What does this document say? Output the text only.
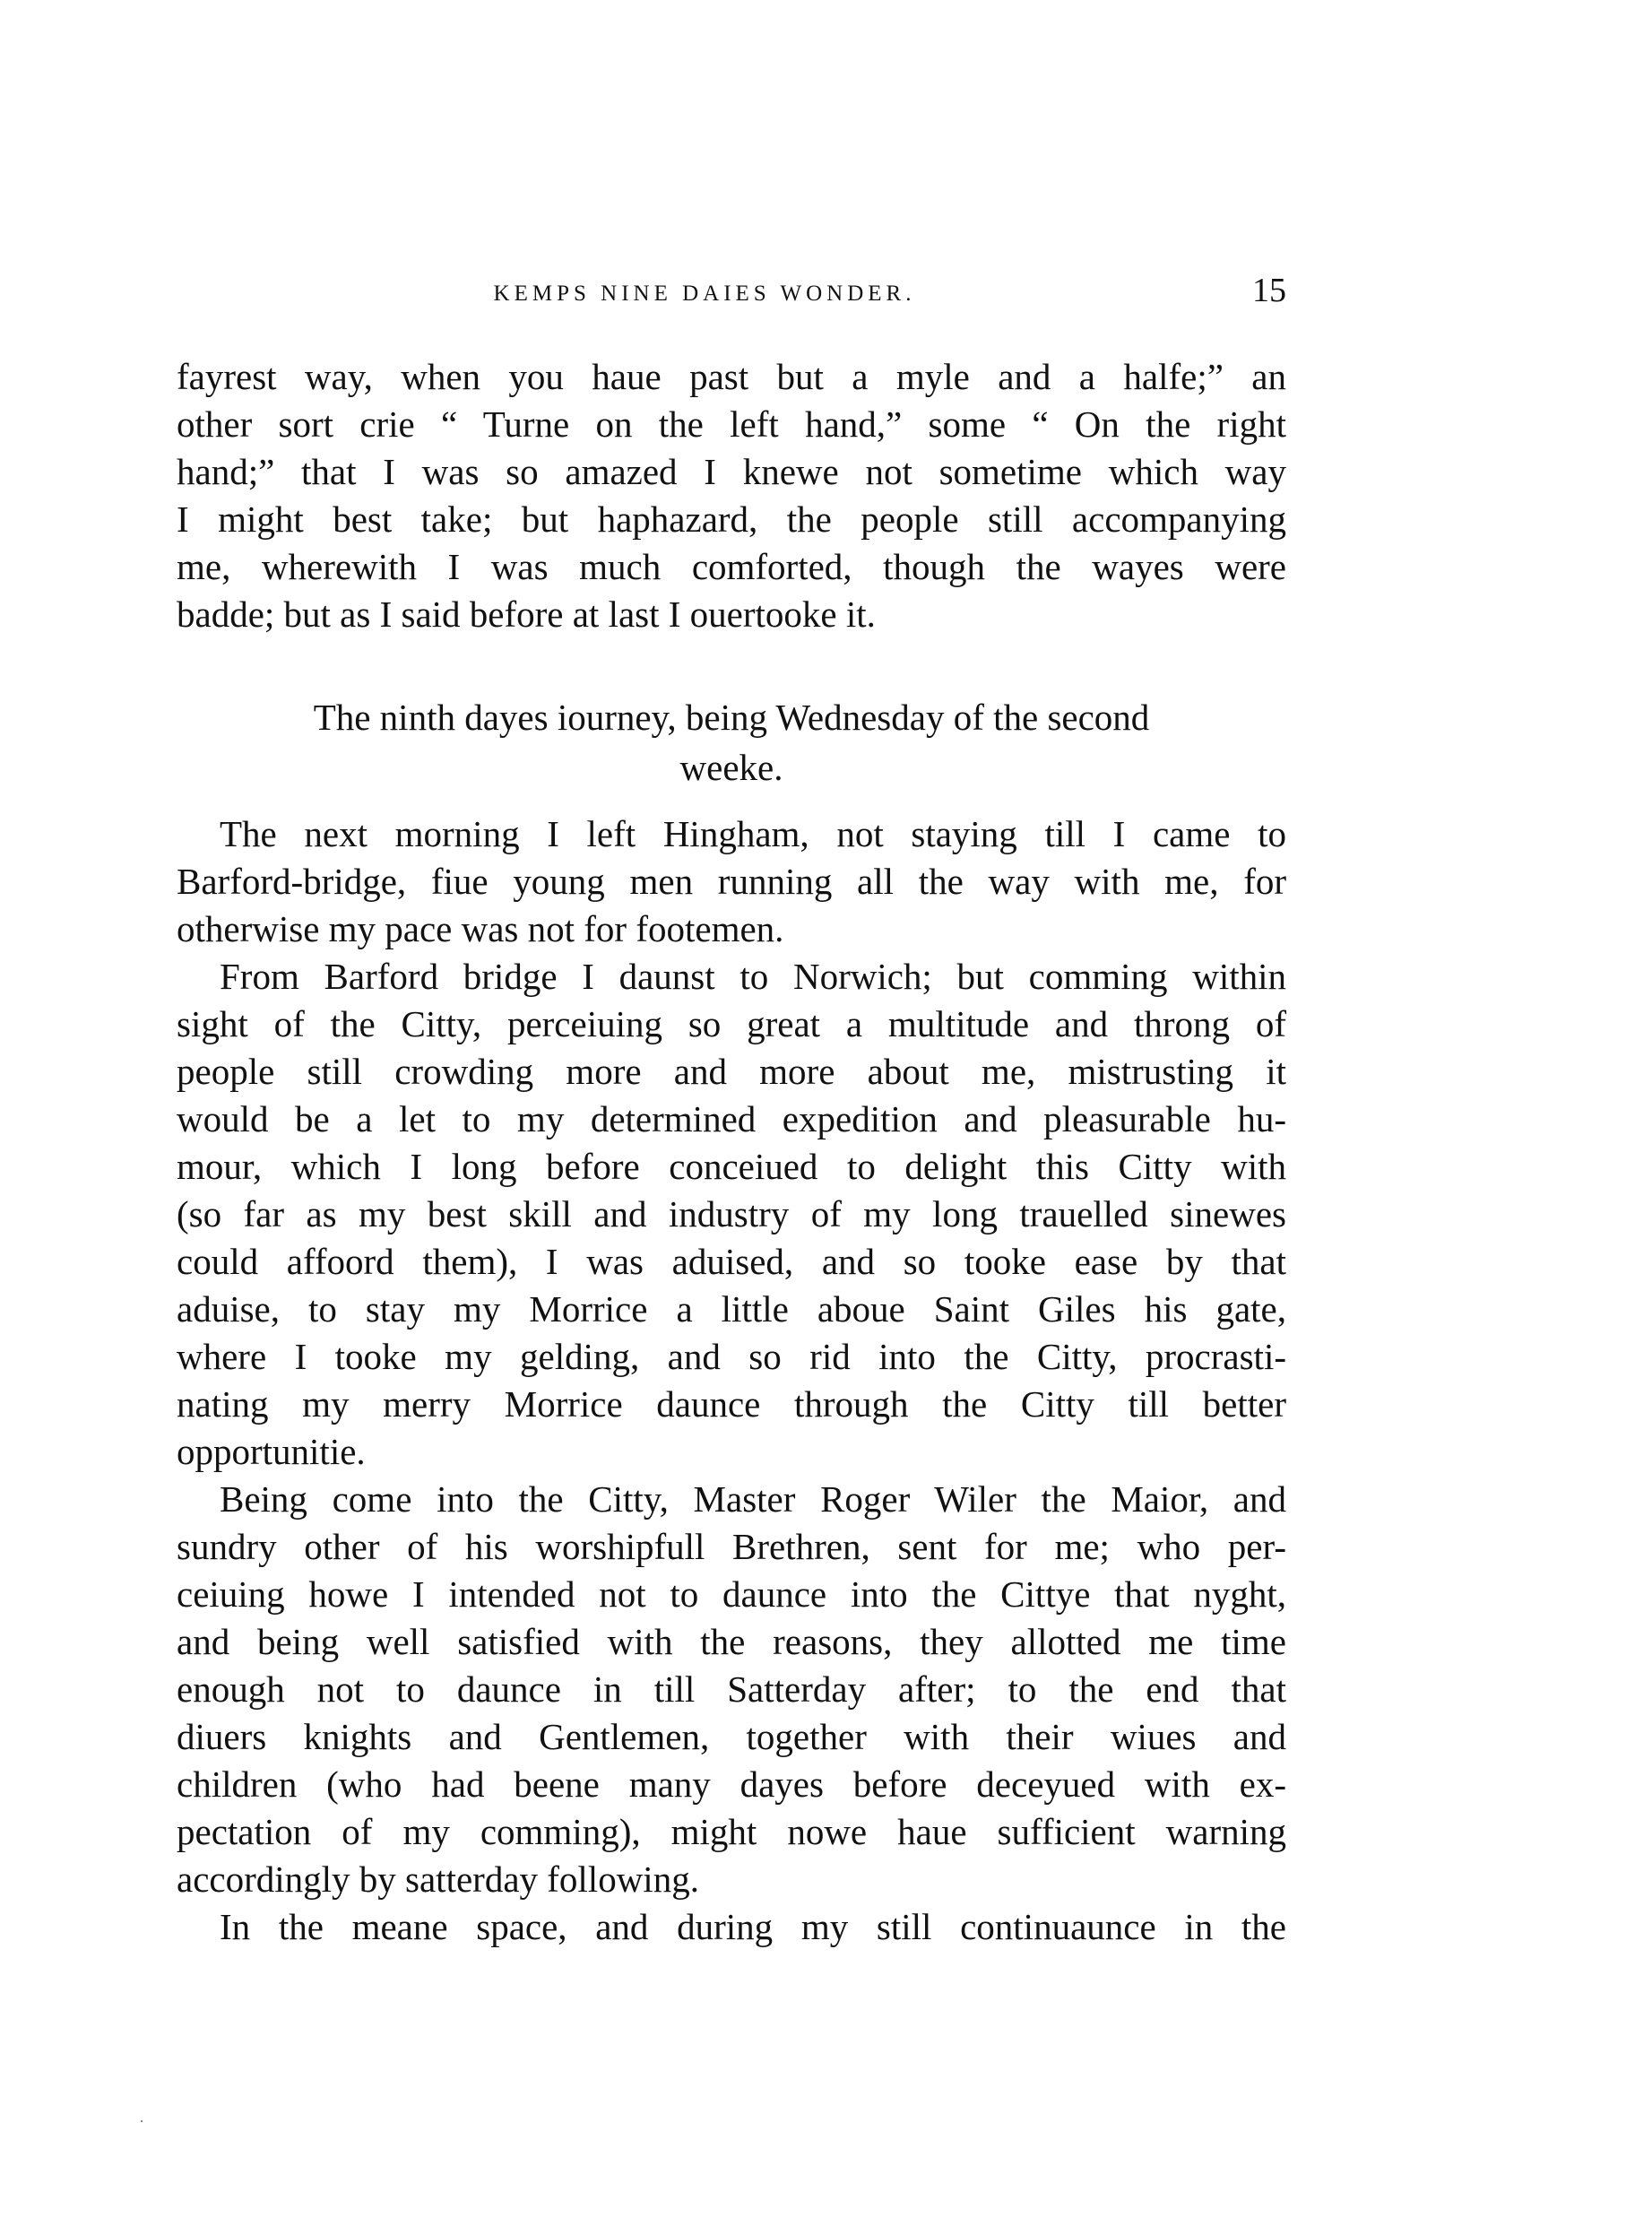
KEMPS NINE DAIES WONDER.	15
fayrest way, when you haue past but a myle and a halfe;” an
other sort crie “ Turne on the left hand,” some “ On the right
hand;” that I was so amazed I knewe not sometime which way
I might best take; but haphazard, the people still accompanying
me, wherewith I was much comforted, though the wayes were
badde; but as I said before at last I ouertooke it.
The ninth dayes iourney, being Wednesday of the second
weeke.
The next morning I left Hingham, not staying till I came to
Barford-bridge, fiue young men running all the way with me, for
otherwise my pace was not for footemen.
From Barford bridge I daunst to Norwich; but comming within
sight of the Citty, perceiuing so great a multitude and throng of
people still crowding more and more about me, mistrusting it
would be a let to my determined expedition and pleasurable hu-
mour, which I long before conceiued to delight this Citty with
(so far as my best skill and industry of my long trauelled sinewes
could affoord them), I was aduised, and so tooke ease by that
aduise, to stay my Morrice a little aboue Saint Giles his gate,
where I tooke my gelding, and so rid into the Citty, procrasti-
nating my merry Morrice daunce through the Citty till better
opportunitie.
Being come into the Citty, Master Roger Wiler the Maior, and
sundry other of his worshipfull Brethren, sent for me; who per-
ceiuing howe I intended not to daunce into the Cittye that nyght,
and being well satisfied with the reasons, they allotted me time
enough not to daunce in till Satterday after; to the end that
diuers knights and Gentlemen, together with their wiues and
children (who had beene many dayes before deceyued with ex-
pectation of my comming), might nowe haue sufficient warning
accordingly by satterday following.
In the meane space, and during my still continuaunce in the
